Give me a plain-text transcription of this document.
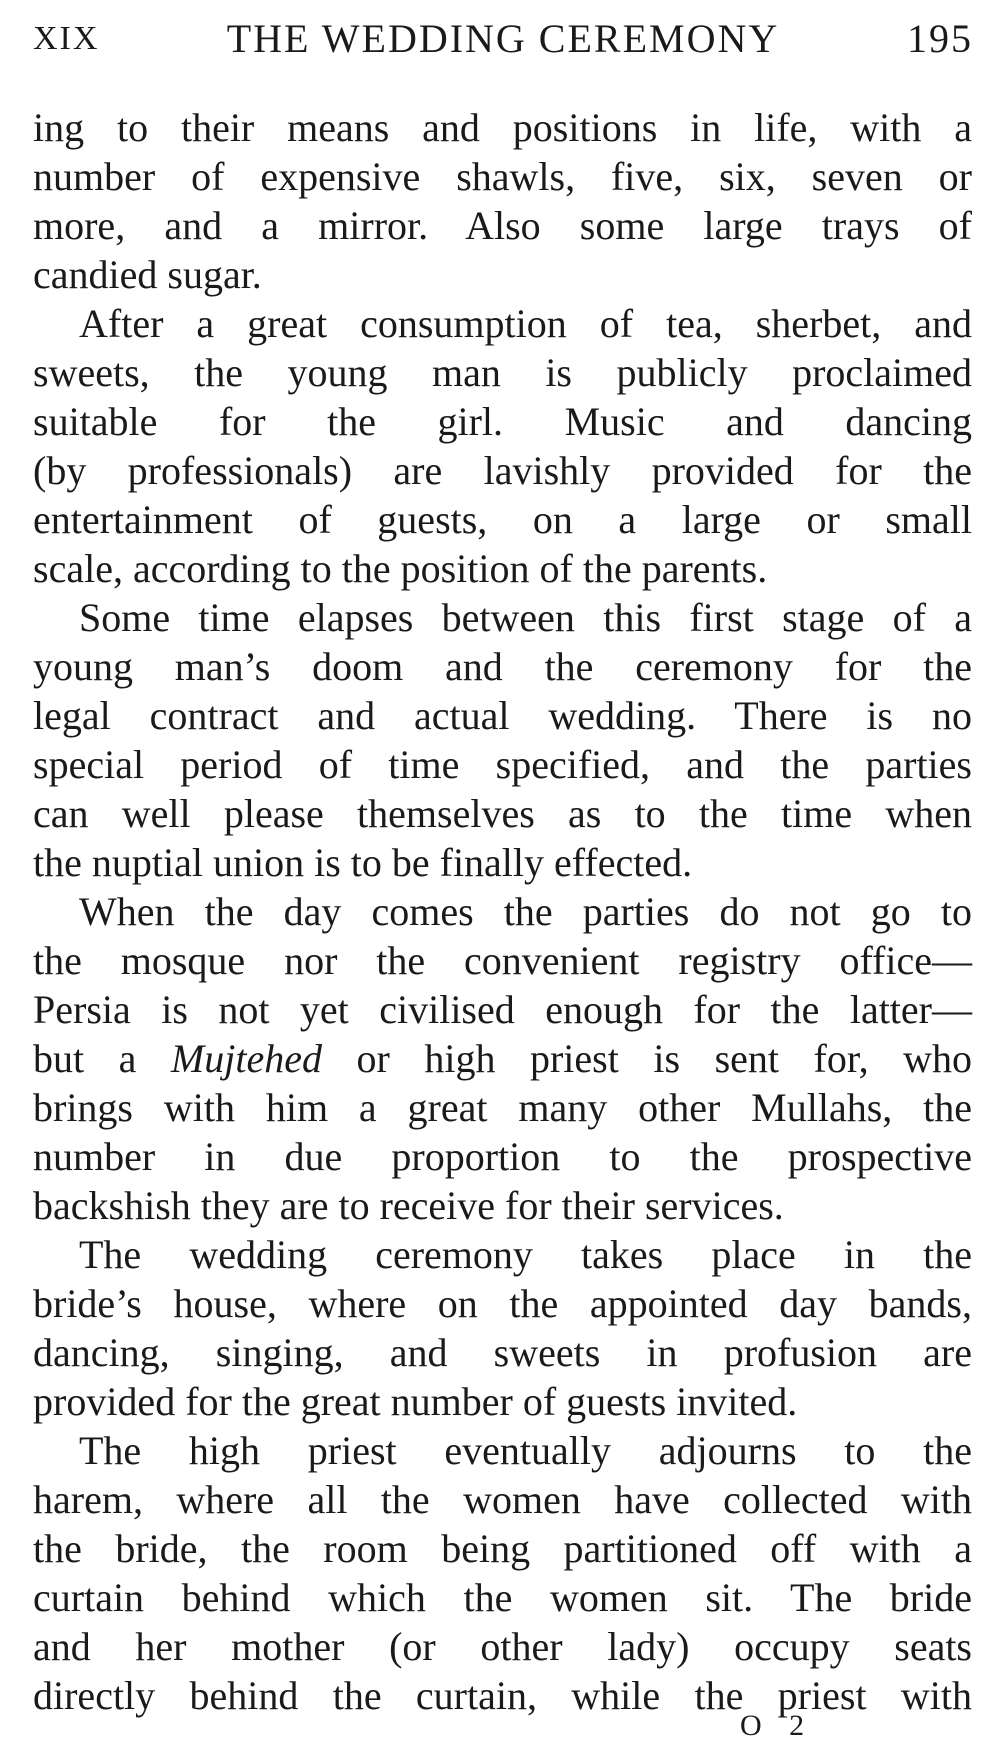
XIX	THE WEDDING CEREMONY	195
ing to their means and positions in life, with a
number of expensive shawls, five, six, seven or
more, and a mirror. Also some large trays of
candied sugar.
After a great consumption of tea, sherbet, and
sweets, the young man is publicly proclaimed
suitable for the girl. Music and dancing
(by professionals) are lavishly provided for the
entertainment of guests, on a large or small
scale, according to the position of the parents.
Some time elapses between this first stage of a
young man’s doom and the ceremony for the
legal contract and actual wedding. There is no
special period of time specified, and the parties
can well please themselves as to the time when
the nuptial union is to be finally effected.
When the day comes the parties do not go to
the mosque nor the convenient registry office—
Persia is not yet civilised enough for the latter—
but a Mujtehed or high priest is sent for, who
brings with him a great many other Mullahs, the
number in due proportion to the prospective
backshish they are to receive for their services.
The wedding ceremony takes place in the
bride’s house, where on the appointed day bands,
dancing, singing, and sweets in profusion are
provided for the great number of guests invited.
The high priest eventually adjourns to the
harem, where all the women have collected with
the bride, the room being partitioned off with a
curtain behind which the women sit. The bride
and her mother (or other lady) occupy seats
directly behind the curtain, while the priest with
O 2
